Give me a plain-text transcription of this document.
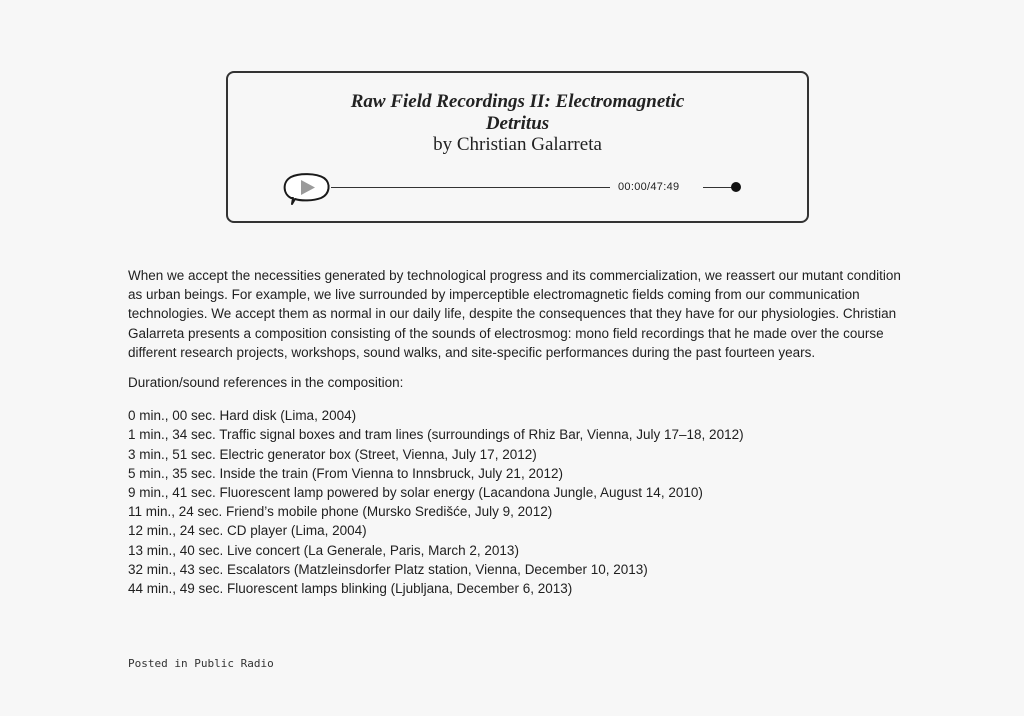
Raw Field Recordings II: Electromagnetic
Detritus
by Christian Galarreta
00:00/47:49

When we accept the necessities generated by technological progress and its commercialization, we reassert our mutant condition as urban beings. For example, we live surrounded by imperceptible electromagnetic fields coming from our communication technologies. We accept them as normal in our daily life, despite the consequences that they have for our physiologies. Christian Galarreta presents a composition consisting of the sounds of electrosmog: mono field recordings that he made over the course different research projects, workshops, sound walks, and site-specific performances during the past fourteen years.

Duration/sound references in the composition:

0 min., 00 sec. Hard disk (Lima, 2004)
1 min., 34 sec. Traffic signal boxes and tram lines (surroundings of Rhiz Bar, Vienna, July 17–18, 2012)
3 min., 51 sec. Electric generator box (Street, Vienna, July 17, 2012)
5 min., 35 sec. Inside the train (From Vienna to Innsbruck, July 21, 2012)
9 min., 41 sec. Fluorescent lamp powered by solar energy (Lacandona Jungle, August 14, 2010)
11 min., 24 sec. Friend’s mobile phone (Mursko Središće, July 9, 2012)
12 min., 24 sec. CD player (Lima, 2004)
13 min., 40 sec. Live concert (La Generale, Paris, March 2, 2013)
32 min., 43 sec. Escalators (Matzleinsdorfer Platz station, Vienna, December 10, 2013)
44 min., 49 sec. Fluorescent lamps blinking (Ljubljana, December 6, 2013)
Posted in Public Radio
